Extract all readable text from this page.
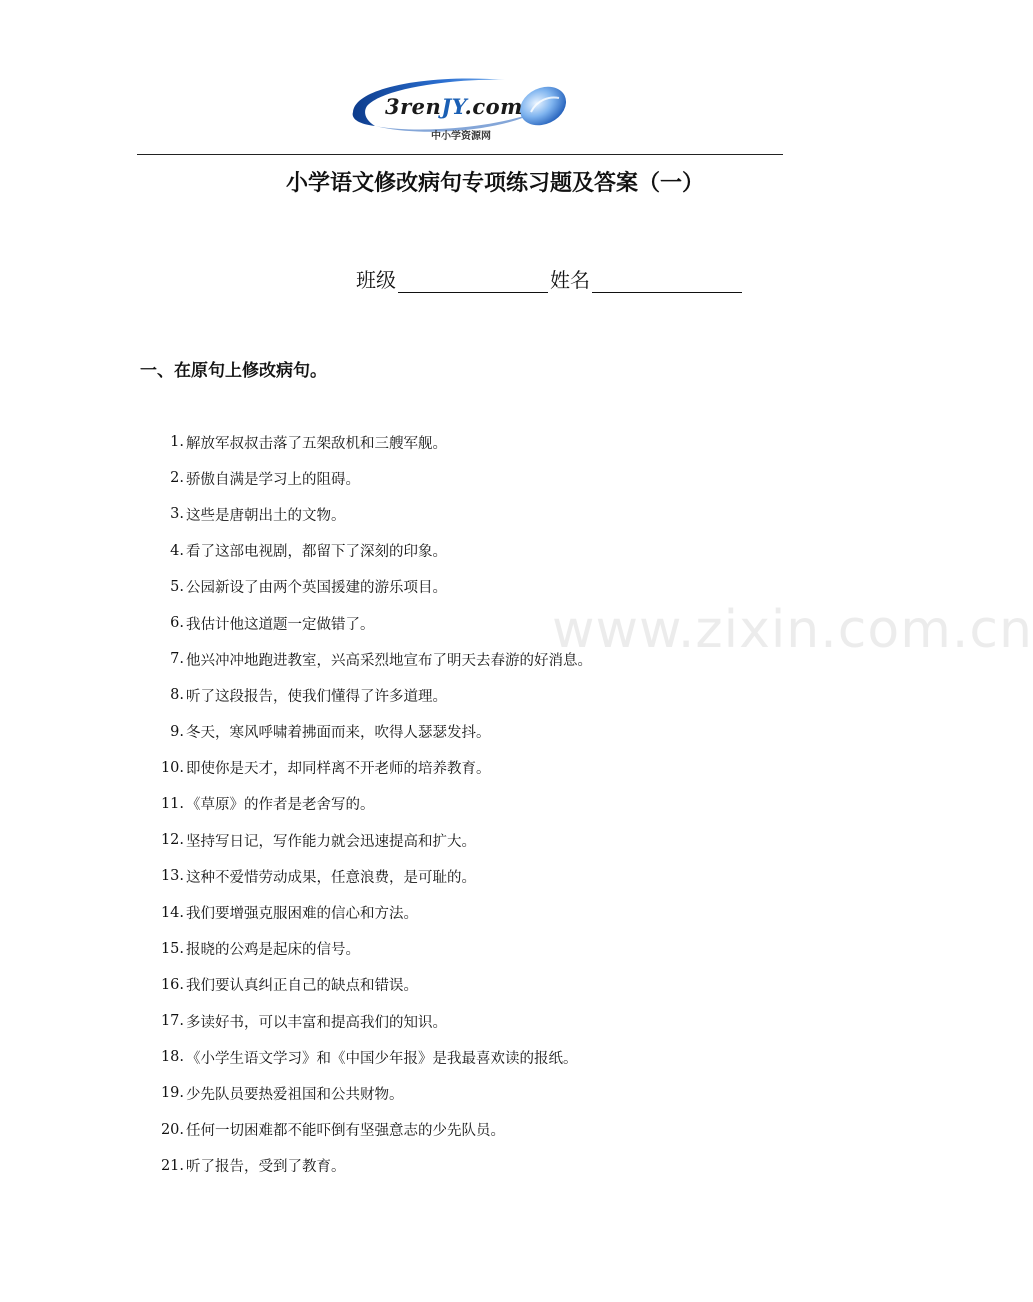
3renJY.com
中小学资源网
小学语文修改病句专项练习题及答案（一）
班级	姓名
一、在原句上修改病句。
www.zixin.com.cn
1. 解放军叔叔击落了五架敌机和三艘军舰。
2. 骄傲自满是学习上的阻碍。
3. 这些是唐朝出土的文物。
4. 看了这部电视剧，都留下了深刻的印象。
5. 公园新设了由两个英国援建的游乐项目。
6. 我估计他这道题一定做错了。
7. 他兴冲冲地跑进教室，兴高采烈地宣布了明天去春游的好消息。
8. 听了这段报告，使我们懂得了许多道理。
9. 冬天，寒风呼啸着拂面而来，吹得人瑟瑟发抖。
10. 即使你是天才，却同样离不开老师的培养教育。
11. 《草原》的作者是老舍写的。
12. 坚持写日记，写作能力就会迅速提高和扩大。
13. 这种不爱惜劳动成果，任意浪费，是可耻的。
14. 我们要增强克服困难的信心和方法。
15. 报晓的公鸡是起床的信号。
16. 我们要认真纠正自己的缺点和错误。
17. 多读好书，可以丰富和提高我们的知识。
18. 《小学生语文学习》和《中国少年报》是我最喜欢读的报纸。
19. 少先队员要热爱祖国和公共财物。
20. 任何一切困难都不能吓倒有坚强意志的少先队员。
21. 听了报告，受到了教育。
